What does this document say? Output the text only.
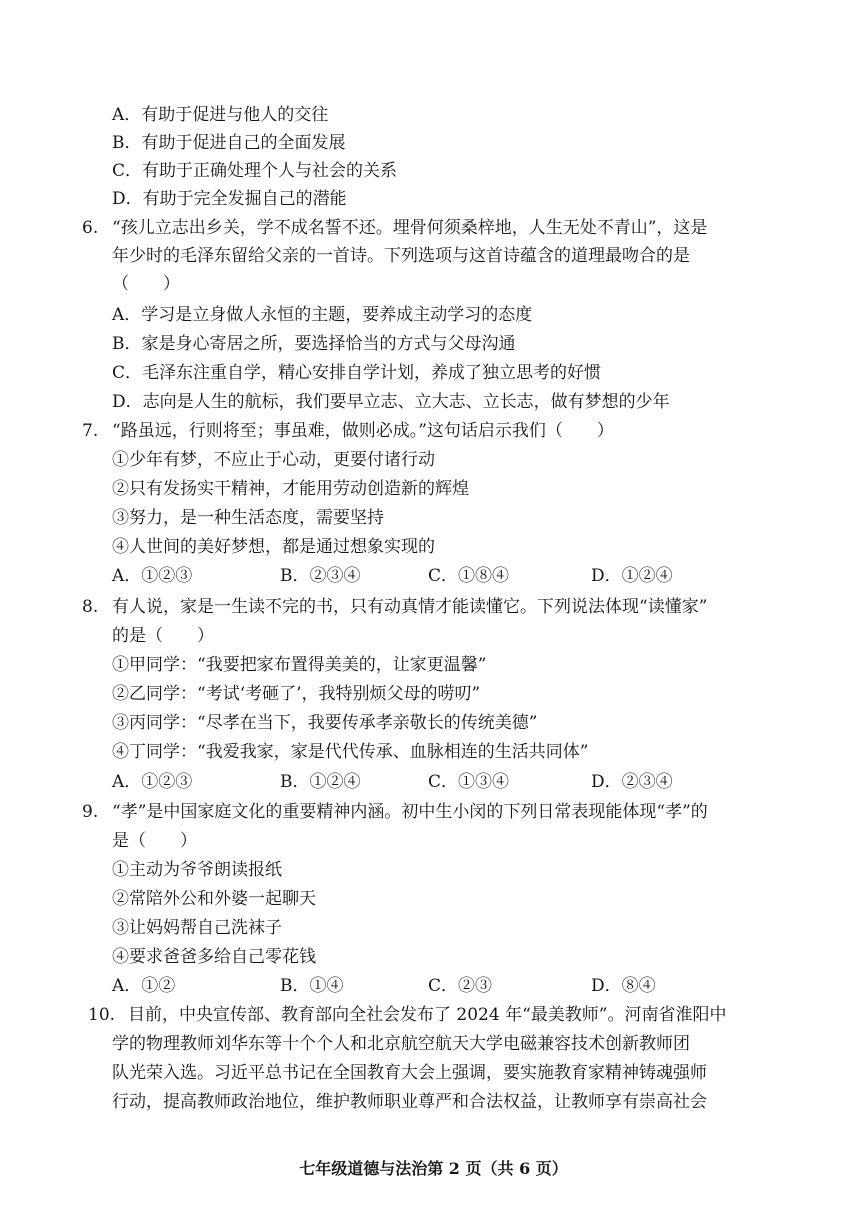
A．有助于促进与他人的交往
B．有助于促进自己的全面发展
C．有助于正确处理个人与社会的关系
D．有助于完全发掘自己的潜能
6. “孩儿立志出乡关，学不成名誓不还。埋骨何须桑梓地，人生无处不青山”，这是
年少时的毛泽东留给父亲的一首诗。下列选项与这首诗蕴含的道理最吻合的是
（　　）
A．学习是立身做人永恒的主题，要养成主动学习的态度
B．家是身心寄居之所，要选择恰当的方式与父母沟通
C．毛泽东注重自学，精心安排自学计划，养成了独立思考的好惯
D．志向是人生的航标，我们要早立志、立大志、立长志，做有梦想的少年
7. “路虽远，行则将至；事虽难，做则必成。”这句话启示我们（　　）
①少年有梦，不应止于心动，更要付诸行动
②只有发扬实干精神，才能用劳动创造新的辉煌
③努力，是一种生活态度，需要坚持
④人世间的美好梦想，都是通过想象实现的
A．①②③	B．②③④	C．①⑧④	D．①②④
8. 有人说，家是一生读不完的书，只有动真情才能读懂它。下列说法体现“读懂家”
的是（　　）
①甲同学：“我要把家布置得美美的，让家更温馨”
②乙同学：“考试‘考砸了’，我特别烦父母的唠叨”
③丙同学：“尽孝在当下，我要传承孝亲敬长的传统美德”
④丁同学：“我爱我家，家是代代传承、血脉相连的生活共同体”
A．①②③	B．①②④	C．①③④	D．②③④
9. “孝”是中国家庭文化的重要精神内涵。初中生小闵的下列日常表现能体现“孝”的
是（　　）
①主动为爷爷朗读报纸
②常陪外公和外婆一起聊天
③让妈妈帮自己洗袜子
④要求爸爸多给自己零花钱
A．①②	B．①④	C．②③	D．⑧④
10. 目前，中央宣传部、教育部向全社会发布了 2024 年“最美教师”。河南省淮阳中
学的物理教师刘华东等十个个人和北京航空航天大学电磁兼容技术创新教师团
队光荣入选。习近平总书记在全国教育大会上强调，要实施教育家精神铸魂强师
行动，提高教师政治地位，维护教师职业尊严和合法权益，让教师享有崇高社会
七年级道德与法治第 2 页（共 6 页）
